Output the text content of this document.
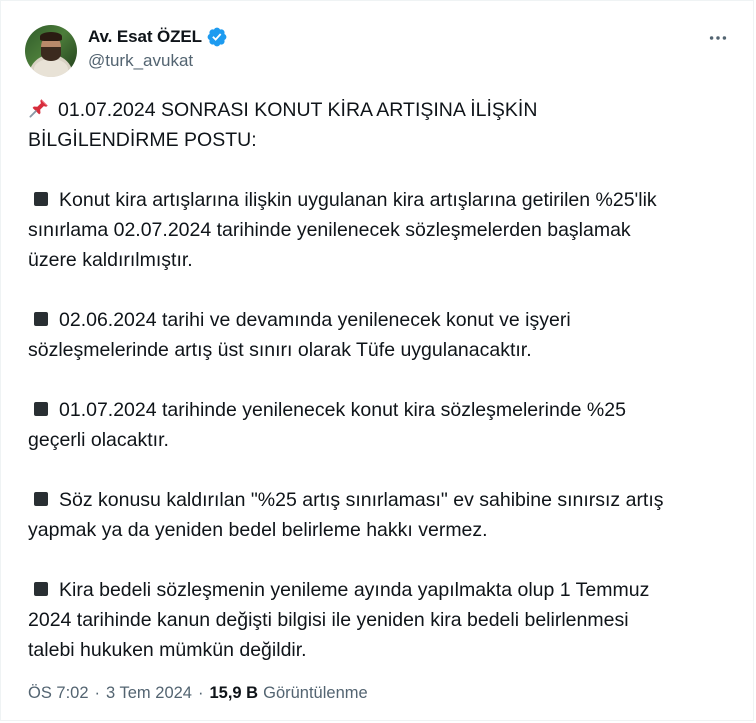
Av. Esat ÖZEL
@turk_avukat
01.07.2024 SONRASI KONUT KİRA ARTIŞINA İLİŞKİN
BİLGİLENDİRME POSTU:
Konut kira artışlarına ilişkin uygulanan kira artışlarına getirilen %25'lik
sınırlama 02.07.2024 tarihinde yenilenecek sözleşmelerden başlamak
üzere kaldırılmıştır.
02.06.2024 tarihi ve devamında yenilenecek konut ve işyeri
sözleşmelerinde artış üst sınırı olarak Tüfe uygulanacaktır.
01.07.2024 tarihinde yenilenecek konut kira sözleşmelerinde %25
geçerli olacaktır.
Söz konusu kaldırılan "%25 artış sınırlaması" ev sahibine sınırsız artış
yapmak ya da yeniden bedel belirleme hakkı vermez.
Kira bedeli sözleşmenin yenileme ayında yapılmakta olup 1 Temmuz
2024 tarihinde kanun değişti bilgisi ile yeniden kira bedeli belirlenmesi
talebi hukuken mümkün değildir.
ÖS 7:02 · 3 Tem 2024 · 15,9 B Görüntülenme
